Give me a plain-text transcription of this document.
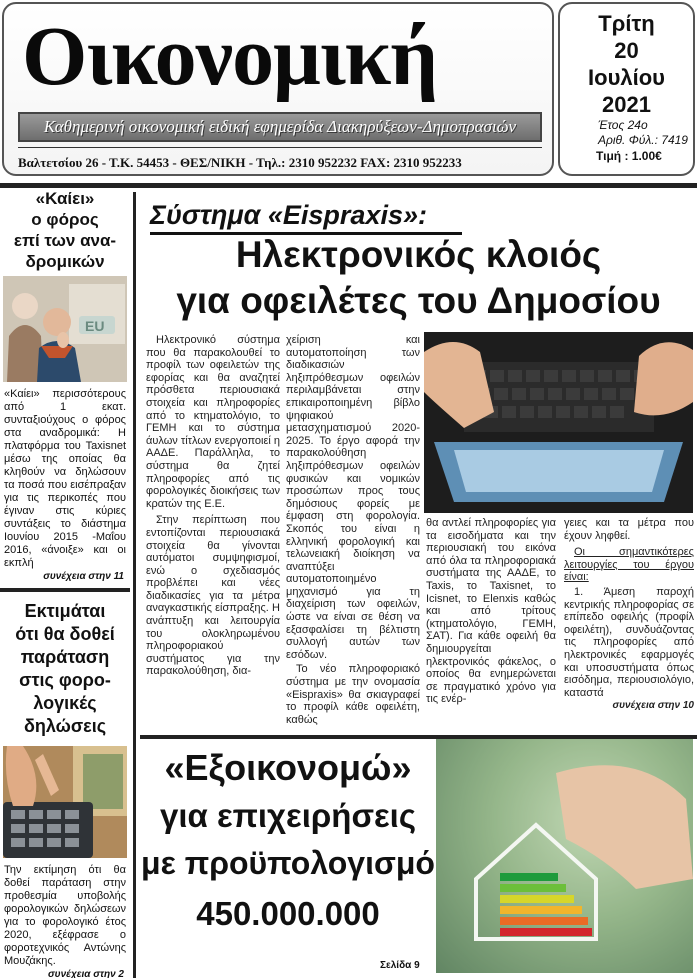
Οικονομική
Καθημερινή οικονομική ειδική εφημερίδα Διακηρύξεων-Δημοπρασιών
Βαλτετσίου 26 - Τ.Κ. 54453 - ΘΕΣ/ΝΙΚΗ - Τηλ.: 2310 952232 FAX: 2310 952233
Τρίτη
20
Ιουλίου
2021
Έτος 24ο
Αριθ. Φύλ.: 7419
Τιμή : 1.00€
«Καίει»
ο φόρος
επί των ανα-
δρομικών
EU
«Καίει» περισσότερους από 1 εκατ. συνταξιούχους ο φόρος στα αναδρομικά: Η πλατφόρμα του Taxisnet μέσω της οποίας θα κληθούν να δηλώσουν τα ποσά που εισέπραξαν για τις περικοπές που έγιναν στις κύριες συντάξεις το διάστημα Ιουνίου 2015 -Μαΐου 2016, «άνοιξε» και οι εκπλή
συνέχεια στην 11
Εκτιμάται
ότι θα δοθεί
παράταση
στις φορο-
λογικές
δηλώσεις
Την εκτίμηση ότι θα δοθεί παράταση στην προθεσμία υποβολής φορολογικών δηλώσεων για το φορολογικό έτος 2020, εξέφρασε ο φοροτεχνικός Αντώνης Μουζάκης.
συνέχεια στην 2
Σύστημα «Eispraxis»:
Ηλεκτρονικός κλοιός
για οφειλέτες του Δημοσίου

Ηλεκτρονικό σύστημα που θα παρακολουθεί το προφίλ των οφειλετών της εφορίας και θα αναζητεί πρόσθετα περιουσιακά στοιχεία και πληροφορίες από το κτηματολόγιο, το ΓΕΜΗ και το σύστημα άυλων τίτλων ενεργοποιεί η ΑΑΔΕ. Παράλληλα, το σύστημα θα ζητεί πληροφορίες από τις φορολογικές διοικήσεις των κρατών της Ε.Ε.

Στην περίπτωση που εντοπίζονται περιουσιακά στοιχεία θα γίνονται αυτόματοι συμψηφισμοί, ενώ ο σχεδιασμός προβλέπει και νέες διαδικασίες για τα μέτρα αναγκαστικής είσπραξης. Η ανάπτυξη και λειτουργία του ολοκληρωμένου πληροφοριακού συστήματος για την παρακολούθηση, δια-

χείριση και αυτοματοποίηση των διαδικασιών ληξιπρόθεσμων οφειλών περιλαμβάνεται στην επικαιροποιημένη βίβλο ψηφιακού μετασχηματισμού 2020-2025. Το έργο αφορά την παρακολούθηση ληξιπρόθεσμων οφειλών φυσικών και νομικών προσώπων προς τους δημόσιους φορείς με έμφαση στη φορολογία. Σκοπός του είναι η ελληνική φορολογική και τελωνειακή διοίκηση να αναπτύξει αυτοματοποιημένο μηχανισμό για τη διαχείριση των οφειλών, ώστε να είναι σε θέση να εξασφαλίσει τη βέλτιστη συλλογή αυτών των εσόδων.

Το νέο πληροφοριακό σύστημα με την ονομασία «Eispraxis» θα σκιαγραφεί το προφίλ κάθε οφειλέτη, καθώς

θα αντλεί πληροφορίες για τα εισοδήματα και την περιουσιακή του εικόνα από όλα τα πληροφοριακά συστήματα της ΑΑΔΕ, το Taxis, το Taxisnet, το Icisnet, το Elenxis καθώς και από τρίτους (κτηματολόγιο, ΓΕΜΗ, ΣΑΤ). Για κάθε οφειλή θα δημιουργείται ηλεκτρονικός φάκελος, ο οποίος θα ενημερώνεται σε πραγματικό χρόνο για τις ενέρ-

γειες και τα μέτρα που έχουν ληφθεί.

Οι σημαντικότερες λειτουργίες του έργου είναι:

1. Άμεση παροχή κεντρικής πληροφορίας σε επίπεδο οφειλής (προφίλ οφειλέτη), συνδυάζοντας τις πληροφορίες από ηλεκτρονικές εφαρμογές και υποσυστήματα όπως εισόδημα, περιουσιολόγιο, καταστά

συνέχεια στην 10
«Εξοικονομώ»
για επιχειρήσεις
με προϋπολογισμό
450.000.000
Σελίδα 9
